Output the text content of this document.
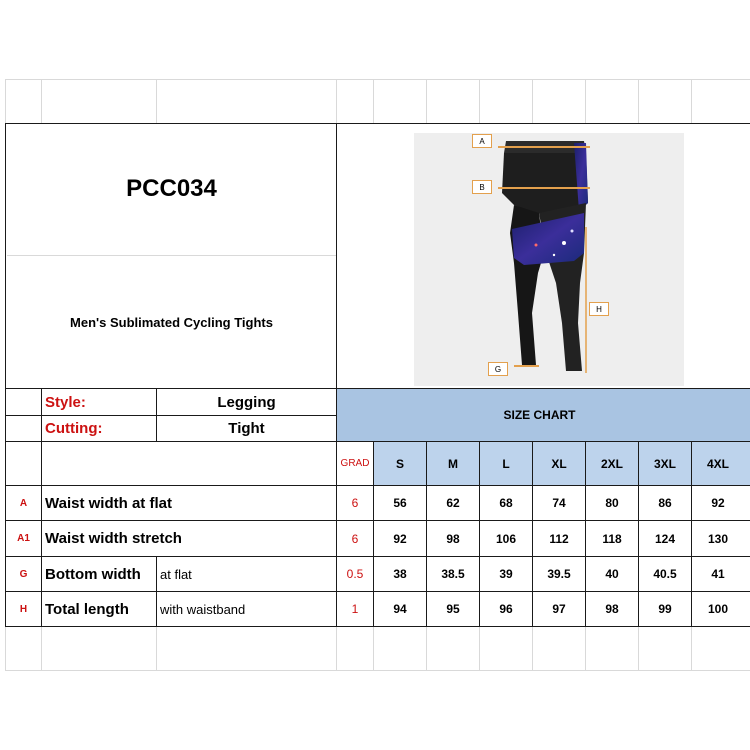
A
B
H
G
PCC034
Men's Sublimated Cycling Tights
Style:	Legging
Cutting:	Tight
SIZE CHART
GRAD	S	M	L	XL	2XL	3XL	4XL
A	Waist width at flat	6	56	62	68	74	80	86	92
A1	Waist width stretch	6	92	98	106	112	118	124	130
G	Bottom width	at flat	0.5	38	38.5	39	39.5	40	40.5	41
H	Total length	with waistband	1	94	95	96	97	98	99	100
